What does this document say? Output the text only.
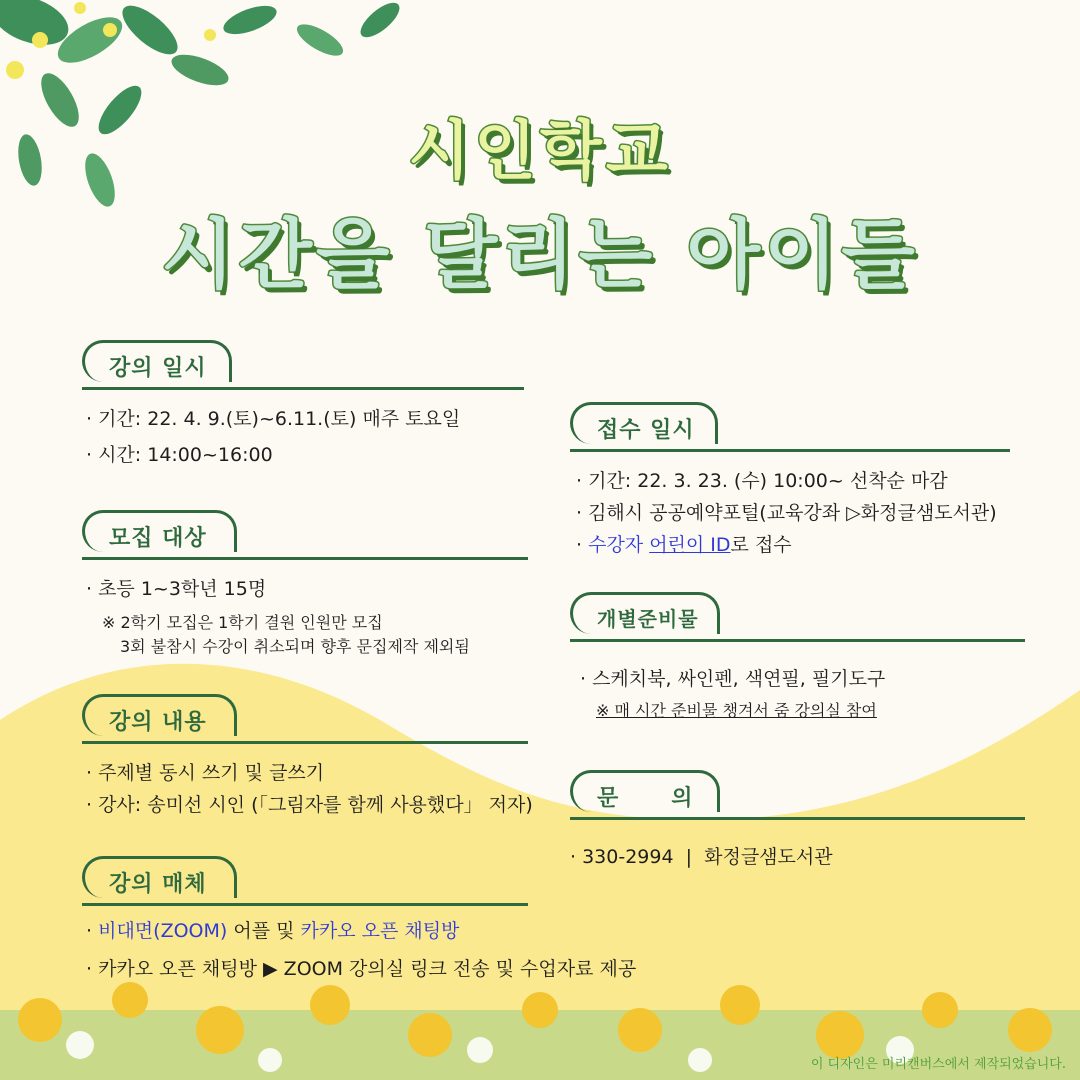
시인학교
시간을 달리는 아이들
강의 일시
· 기간: 22. 4. 9.(토)~6.11.(토) 매주 토요일
· 시간: 14:00~16:00
모집 대상
· 초등 1~3학년 15명
※ 2학기 모집은 1학기 결원 인원만 모집
3회 불참시 수강이 취소되며 향후 문집제작 제외됨
강의 내용
· 주제별 동시 쓰기 및 글쓰기
· 강사: 송미선 시인 (「그림자를 함께 사용했다」 저자)
강의 매체
· 비대면(ZOOM) 어플 및 카카오 오픈 채팅방
· 카카오 오픈 채팅방 ▶ ZOOM 강의실 링크 전송 및 수업자료 제공
접수 일시
· 기간: 22. 3. 23. (수) 10:00~ 선착순 마감
· 김해시 공공예약포털(교육강좌 ▷화정글샘도서관)
· 수강자 어린이 ID로 접수
개별준비물
· 스케치북, 싸인펜, 색연필, 필기도구
※ 매 시간 준비물 챙겨서 줌 강의실 참여
문      의
· 330-2994  |  화정글샘도서관
이 디자인은 미리캔버스에서 제작되었습니다.
